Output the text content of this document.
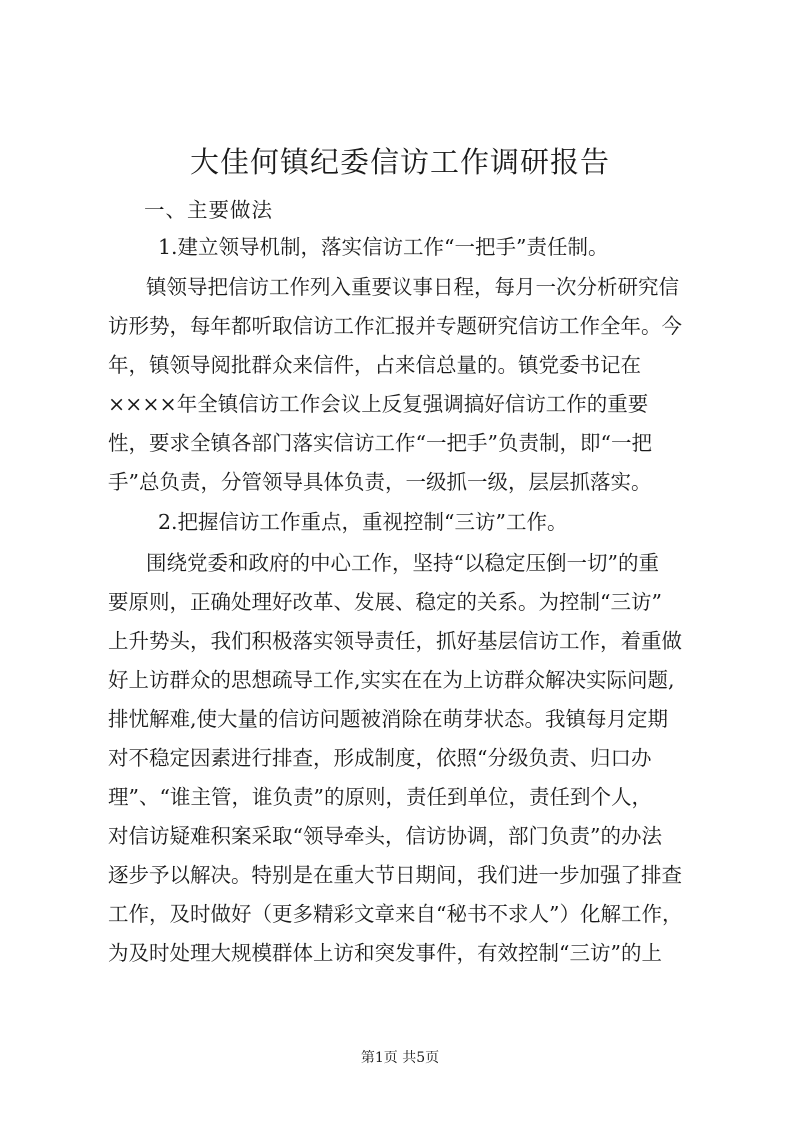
大佳何镇纪委信访工作调研报告
一、主要做法
1.建立领导机制，落实信访工作“一把手”责任制。
镇领导把信访工作列入重要议事日程，每月一次分析研究信
访形势，每年都听取信访工作汇报并专题研究信访工作全年。今
年，镇领导阅批群众来信件，占来信总量的。镇党委书记在
××××年全镇信访工作会议上反复强调搞好信访工作的重要
性，要求全镇各部门落实信访工作“一把手”负责制，即“一把
手”总负责，分管领导具体负责，一级抓一级，层层抓落实。
2.把握信访工作重点，重视控制“三访”工作。
围绕党委和政府的中心工作，坚持“以稳定压倒一切”的重
要原则，正确处理好改革、发展、稳定的关系。为控制“三访”
上升势头，我们积极落实领导责任，抓好基层信访工作，着重做
好上访群众的思想疏导工作,实实在在为上访群众解决实际问题,
排忧解难,使大量的信访问题被消除在萌芽状态。我镇每月定期
对不稳定因素进行排查，形成制度，依照“分级负责、归口办
理”、“谁主管，谁负责”的原则，责任到单位，责任到个人，
对信访疑难积案采取“领导牵头，信访协调，部门负责”的办法
逐步予以解决。特别是在重大节日期间，我们进一步加强了排查
工作，及时做好（更多精彩文章来自“秘书不求人”）化解工作，
为及时处理大规模群体上访和突发事件，有效控制“三访”的上
第1页 共5页
